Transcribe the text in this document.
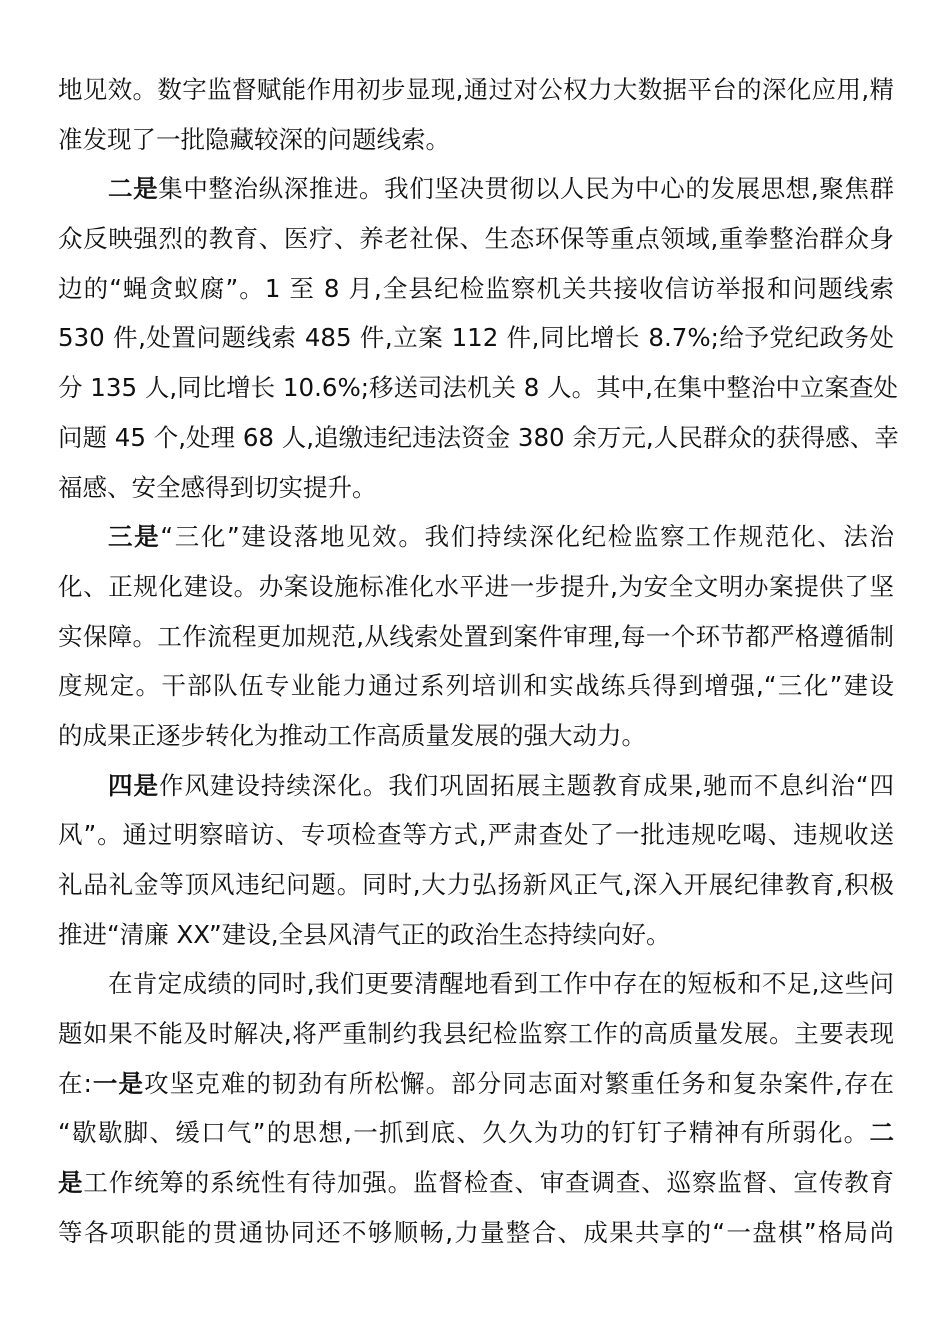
地见效。数字监督赋能作用初步显现,通过对公权力大数据平台的深化应用,精
准发现了一批隐藏较深的问题线索。
二是集中整治纵深推进。我们坚决贯彻以人民为中心的发展思想,聚焦群
众反映强烈的教育、医疗、养老社保、生态环保等重点领域,重拳整治群众身
边的“蝇贪蚁腐”。1 至 8 月,全县纪检监察机关共接收信访举报和问题线索
530 件,处置问题线索 485 件,立案 112 件,同比增长 8.7%;给予党纪政务处
分 135 人,同比增长 10.6%;移送司法机关 8 人。其中,在集中整治中立案查处
问题 45 个,处理 68 人,追缴违纪违法资金 380 余万元,人民群众的获得感、幸
福感、安全感得到切实提升。
三是“三化”建设落地见效。我们持续深化纪检监察工作规范化、法治
化、正规化建设。办案设施标准化水平进一步提升,为安全文明办案提供了坚
实保障。工作流程更加规范,从线索处置到案件审理,每一个环节都严格遵循制
度规定。干部队伍专业能力通过系列培训和实战练兵得到增强,“三化”建设
的成果正逐步转化为推动工作高质量发展的强大动力。
四是作风建设持续深化。我们巩固拓展主题教育成果,驰而不息纠治“四
风”。通过明察暗访、专项检查等方式,严肃查处了一批违规吃喝、违规收送
礼品礼金等顶风违纪问题。同时,大力弘扬新风正气,深入开展纪律教育,积极
推进“清廉 XX”建设,全县风清气正的政治生态持续向好。
在肯定成绩的同时,我们更要清醒地看到工作中存在的短板和不足,这些问
题如果不能及时解决,将严重制约我县纪检监察工作的高质量发展。主要表现
在:一是攻坚克难的韧劲有所松懈。部分同志面对繁重任务和复杂案件,存在
“歇歇脚、缓口气”的思想,一抓到底、久久为功的钉钉子精神有所弱化。二
是工作统筹的系统性有待加强。监督检查、审查调查、巡察监督、宣传教育
等各项职能的贯通协同还不够顺畅,力量整合、成果共享的“一盘棋”格局尚
